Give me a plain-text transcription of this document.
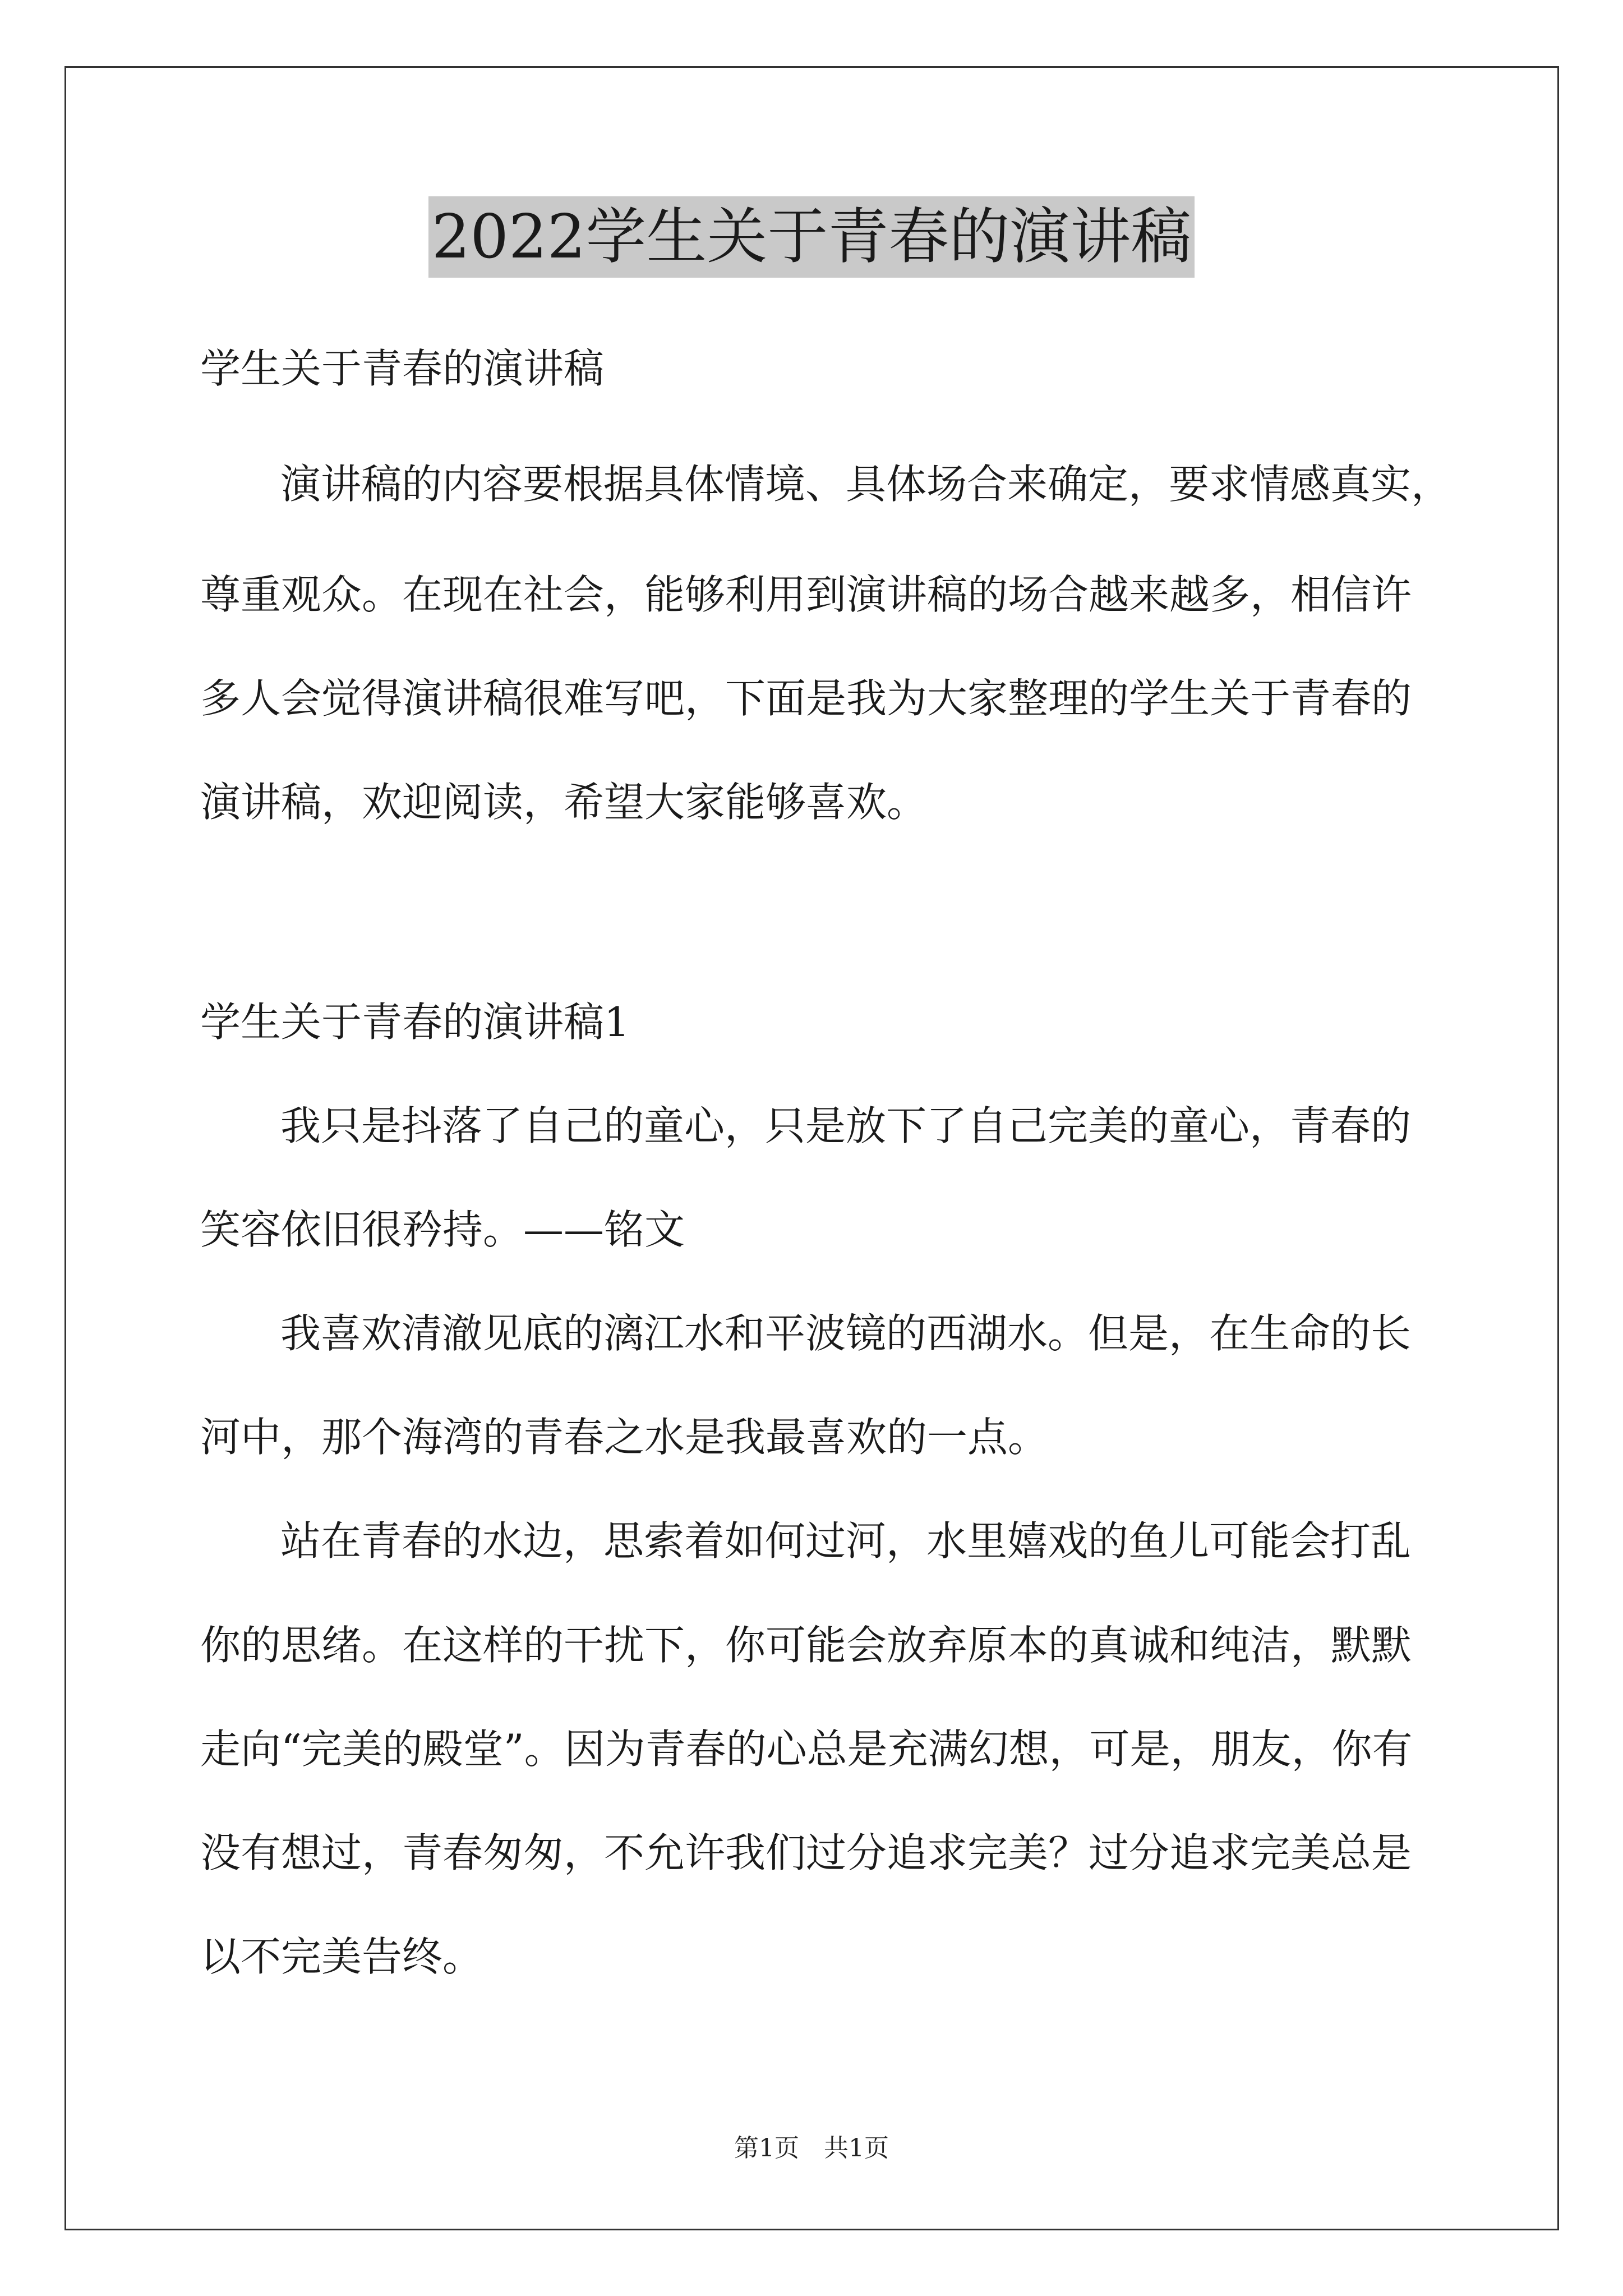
2022学生关于青春的演讲稿
学生关于青春的演讲稿
演讲稿的内容要根据具体情境、具体场合来确定，要求情感真实，
尊重观众。在现在社会，能够利用到演讲稿的场合越来越多，相信许
多人会觉得演讲稿很难写吧，下面是我为大家整理的学生关于青春的
演讲稿，欢迎阅读，希望大家能够喜欢。
学生关于青春的演讲稿1
我只是抖落了自己的童心，只是放下了自己完美的童心，青春的
笑容依旧很矜持。——铭文
我喜欢清澈见底的漓江水和平波镜的西湖水。但是，在生命的长
河中，那个海湾的青春之水是我最喜欢的一点。
站在青春的水边，思索着如何过河，水里嬉戏的鱼儿可能会打乱
你的思绪。在这样的干扰下，你可能会放弃原本的真诚和纯洁，默默
走向“完美的殿堂”。因为青春的心总是充满幻想，可是，朋友，你有
没有想过，青春匆匆，不允许我们过分追求完美？过分追求完美总是
以不完美告终。
第1页　共1页
